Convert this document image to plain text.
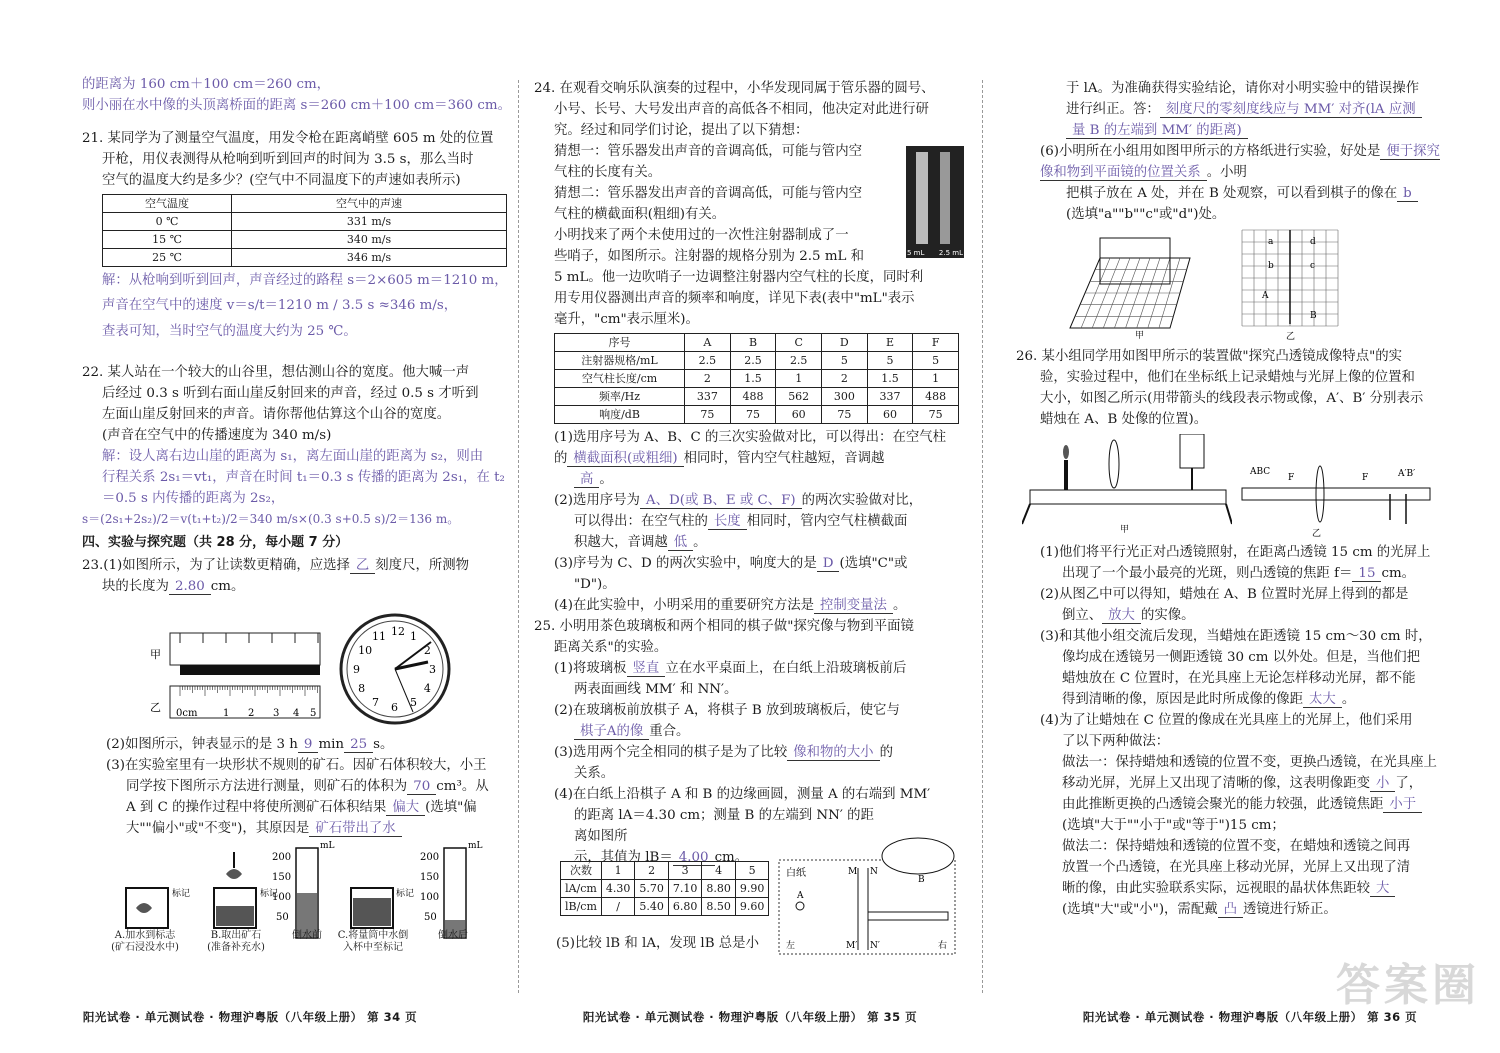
的距离为 160 cm＋100 cm＝260 cm，

则小丽在水中像的头顶离桥面的距离 s＝260 cm＋100 cm＝360 cm。

21. 某同学为了测量空气温度，用发令枪在距离峭壁 605 m 处的位置

开枪，用仪表测得从枪响到听到回声的时间为 3.5 s，那么当时

空气的温度大约是多少？(空气中不同温度下的声速如表所示)

空气温度	空气中的声速
0 ℃	331 m/s
15 ℃	340 m/s
25 ℃	346 m/s

解：从枪响到听到回声，声音经过的路程 s＝2×605 m＝1210 m，

声音在空气中的速度 v＝s/t＝1210 m / 3.5 s ≈346 m/s，

查表可知，当时空气的温度大约为 25 ℃。

22. 某人站在一个较大的山谷里，想估测山谷的宽度。他大喊一声

后经过 0.3 s 听到右面山崖反射回来的声音，经过 0.5 s 才听到

左面山崖反射回来的声音。请你帮他估算这个山谷的宽度。

(声音在空气中的传播速度为 340 m/s)

解：设人离右边山崖的距离为 s₁，离左面山崖的距离为 s₂，则由

行程关系 2s₁＝vt₁，声音在时间 t₁＝0.3 s 传播的距离为 2s₁，在 t₂

＝0.5 s 内传播的距离为 2s₂，

s＝(2s₁+2s₂)/2＝v(t₁+t₂)/2＝340 m/s×(0.3 s+0.5 s)/2＝136 m。

四、实验与探究题（共 28 分，每小题 7 分）

23.(1)如图所示，为了让读数更精确，应选择 乙 刻度尺，所测物

块的长度为 2.80 cm。

甲
乙 0cm	1 2 3 4 5
1
2
3
4
5
6
7
8
9
10
11 12

(2)如图所示，钟表显示的是 3 h 9 min 25 s。

(3)在实验室里有一块形状不规则的矿石。因矿石体积较大，小王

同学按下图所示方法进行测量，则矿石的体积为 70 cm³。从

A 到 C 的操作过程中将使所测矿石体积结果 偏大 (选填"偏

大""偏小"或"不变")，其原因是 矿石带出了水

标记	标记
mL
200
150
100
50
标记
mL
200
150
100
50
A.加水到标志
(矿石浸没水中)
B.取出矿石
(准备补充水)
倒水前	C.将量筒中水倒
入杯中至标记
倒水后
阳光试卷 · 单元测试卷 · 物理沪粤版（八年级上册） 第 34 页

24. 在观看交响乐队演奏的过程中，小华发现同属于管乐器的圆号、

小号、长号、大号发出声音的高低各不相同，他决定对此进行研

究。经过和同学们讨论，提出了以下猜想：

猜想一：管乐器发出声音的音调高低，可能与管内空

气柱的长度有关。

猜想二：管乐器发出声音的音调高低，可能与管内空

气柱的横截面积(粗细)有关。

小明找来了两个未使用过的一次性注射器制成了一

些哨子，如图所示。注射器的规格分别为 2.5 mL 和

5 mL。他一边吹哨子一边调整注射器内空气柱的长度，同时利

用专用仪器测出声音的频率和响度，详见下表(表中"mL"表示

毫升，"cm"表示厘米)。

序号	A	B	C	D	E	F
注射器规格/mL	2.5	2.5	2.5	5	5	5
空气柱长度/cm	2	1.5	1	2	1.5	1
频率/Hz	337	488	562	300	337	488
响度/dB	75	75	60	75	60	75

(1)选用序号为 A、B、C 的三次实验做对比，可以得出：在空气柱

的 横截面积(或粗细) 相同时，管内空气柱越短，音调越

高 。

(2)选用序号为 A、D(或 B、E 或 C、F) 的两次实验做对比，

可以得出：在空气柱的 长度 相同时，管内空气柱横截面

积越大，音调越 低 。

(3)序号为 C、D 的两次实验中，响度大的是 D (选填"C"或

"D")。

(4)在此实验中，小明采用的重要研究方法是 控制变量法 。

25. 小明用茶色玻璃板和两个相同的棋子做"探究像与物到平面镜

距离关系"的实验。

(1)将玻璃板 竖直 立在水平桌面上，在白纸上沿玻璃板前后

两表面画线 MM′ 和 NN′。

(2)在玻璃板前放棋子 A，将棋子 B 放到玻璃板后，使它与

棋子A的像 重合。

(3)选用两个完全相同的棋子是为了比较 像和物的大小 的

关系。

(4)在白纸上沿棋子 A 和 B 的边缘画圆，测量 A 的右端到 MM′

的距离 lA＝4.30 cm；测量 B 的左端到 NN′ 的距离如图所

示，其值为 lB＝ 4.00 cm。

5 mL 2.5 mL
次数	1	2	3	4	5
lA/cm	4.30	5.70	7.10	8.80	9.90
lB/cm	/	5.40	6.80	8.50	9.60

(5)比较 lB 和 lA，发现 lB 总是小

白纸	M N
M′ N′
左	右
A
B
阳光试卷 · 单元测试卷 · 物理沪粤版（八年级上册） 第 35 页

于 lA。为准确获得实验结论，请你对小明实验中的错误操作

进行纠正。答： 刻度尺的零刻度线应与 MM′ 对齐(lA 应测

量 B 的左端到 MM′ 的距离)

(6)小明所在小组用如图甲所示的方格纸进行实验，好处是 便于探究像和物到平面镜的位置关系 。小明

把棋子放在 A 处，并在 B 处观察，可以看到棋子的像在 b

(选填"a""b""c"或"d")处。

甲
a
b	c
d
A
B
乙

26. 某小组同学用如图甲所示的装置做"探究凸透镜成像特点"的实

验，实验过程中，他们在坐标纸上记录蜡烛与光屏上像的位置和

大小，如图乙所示(用带箭头的线段表示物或像，A′、B′ 分别表示

蜡烛在 A、B 处像的位置)。

甲
ABC
F	F	A′B′
乙

(1)他们将平行光正对凸透镜照射，在距离凸透镜 15 cm 的光屏上

出现了一个最小最亮的光斑，则凸透镜的焦距 f＝ 15 cm。

(2)从图乙中可以得知，蜡烛在 A、B 位置时光屏上得到的都是

倒立、 放大 的实像。

(3)和其他小组交流后发现，当蜡烛在距透镜 15 cm～30 cm 时，

像均成在透镜另一侧距透镜 30 cm 以外处。但是，当他们把

蜡烛放在 C 位置时，在光具座上无论怎样移动光屏，都不能

得到清晰的像，原因是此时所成像的像距 太大 。

(4)为了让蜡烛在 C 位置的像成在光具座上的光屏上，他们采用

了以下两种做法：

做法一：保持蜡烛和透镜的位置不变，更换凸透镜，在光具座上

移动光屏，光屏上又出现了清晰的像，这表明像距变 小 了，

由此推断更换的凸透镜会聚光的能力较强，此透镜焦距 小于

(选填"大于""小于"或"等于")15 cm；

做法二：保持蜡烛和透镜的位置不变，在蜡烛和透镜之间再

放置一个凸透镜，在光具座上移动光屏，光屏上又出现了清

晰的像，由此实验联系实际，远视眼的晶状体焦距较 大

(选填"大"或"小")，需配戴 凸 透镜进行矫正。

答案圈
阳光试卷 · 单元测试卷 · 物理沪粤版（八年级上册） 第 36 页
